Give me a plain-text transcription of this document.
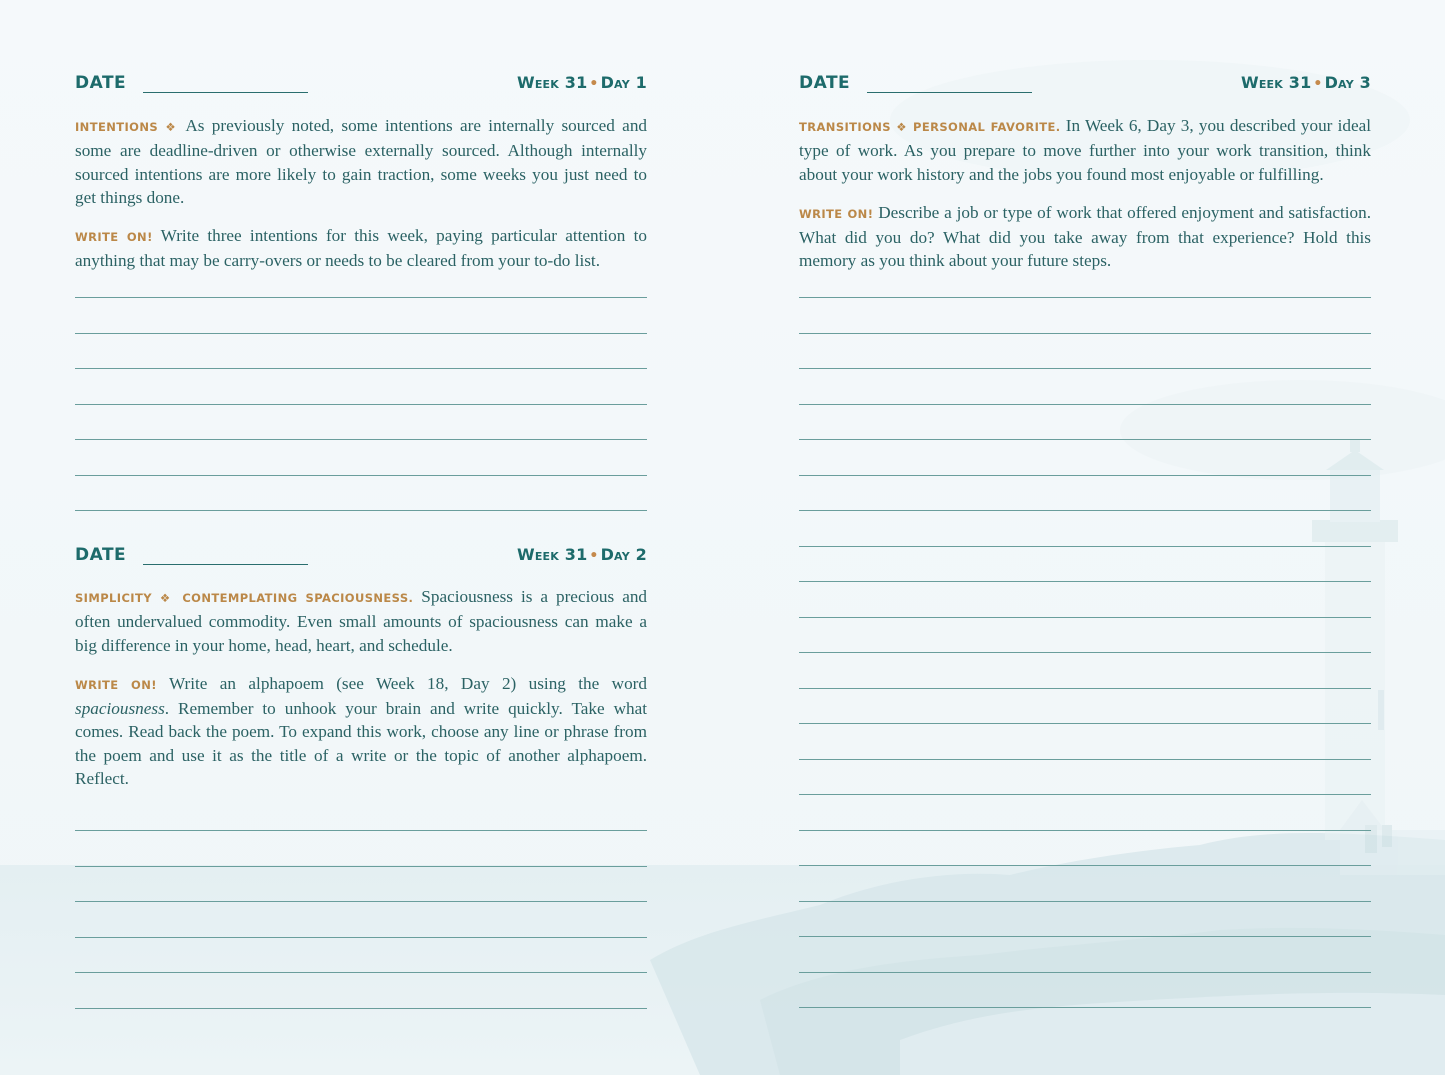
DATE	Week 31 • Day 1

INTENTIONS ❖ As previously noted, some intentions are internally sourced and some are deadline-driven or otherwise externally sourced. Although internally sourced intentions are more likely to gain traction, some weeks you just need to get things done.

WRITE ON! Write three intentions for this week, paying particular attention to anything that may be carry-overs or needs to be cleared from your to-do list.

DATE	Week 31 • Day 2

SIMPLICITY ❖ CONTEMPLATING SPACIOUSNESS. Spaciousness is a precious and often undervalued commodity. Even small amounts of spaciousness can make a big difference in your home, head, heart, and schedule.

WRITE ON! Write an alphapoem (see Week 18, Day 2) using the word spaciousness. Remember to unhook your brain and write quickly. Take what comes. Read back the poem. To expand this work, choose any line or phrase from the poem and use it as the title of a write or the topic of another alphapoem. Reflect.

DATE	Week 31 • Day 3

TRANSITIONS ❖ PERSONAL FAVORITE. In Week 6, Day 3, you described your ideal type of work. As you prepare to move further into your work transition, think about your work history and the jobs you found most enjoyable or fulfilling.

WRITE ON! Describe a job or type of work that offered enjoyment and satisfaction. What did you do? What did you take away from that experience? Hold this memory as you think about your future steps.
